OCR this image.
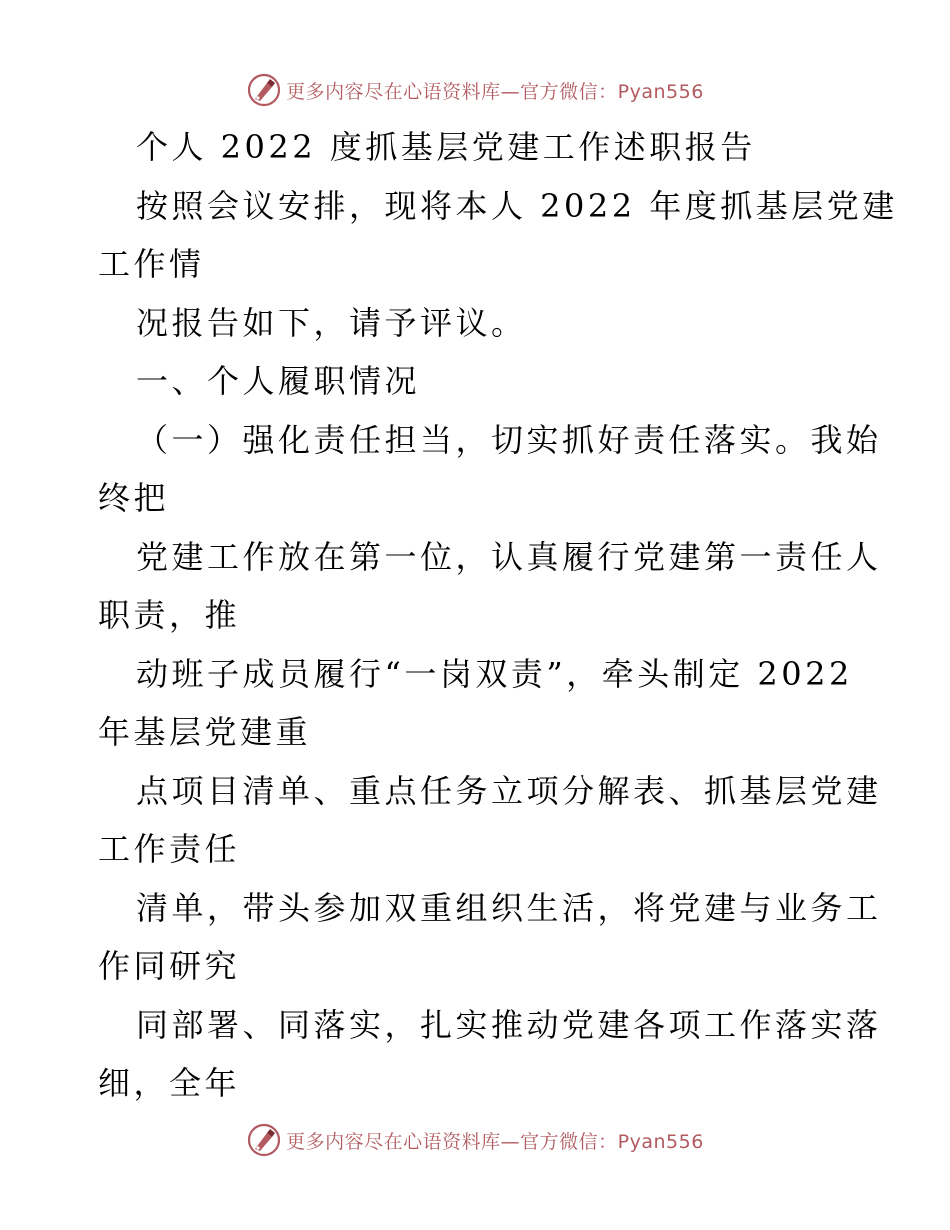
更多内容尽在心语资料库—官方微信：Pyan556
个人 2022 度抓基层党建工作述职报告
按照会议安排，现将本人 2022 年度抓基层党建
工作情
况报告如下，请予评议。
一、个人履职情况
（一）强化责任担当，切实抓好责任落实。我始
终把
党建工作放在第一位，认真履行党建第一责任人
职责，推
动班子成员履行“一岗双责”，牵头制定 2022
年基层党建重
点项目清单、重点任务立项分解表、抓基层党建
工作责任
清单，带头参加双重组织生活，将党建与业务工
作同研究
同部署、同落实，扎实推动党建各项工作落实落
细，全年
更多内容尽在心语资料库—官方微信：Pyan556
